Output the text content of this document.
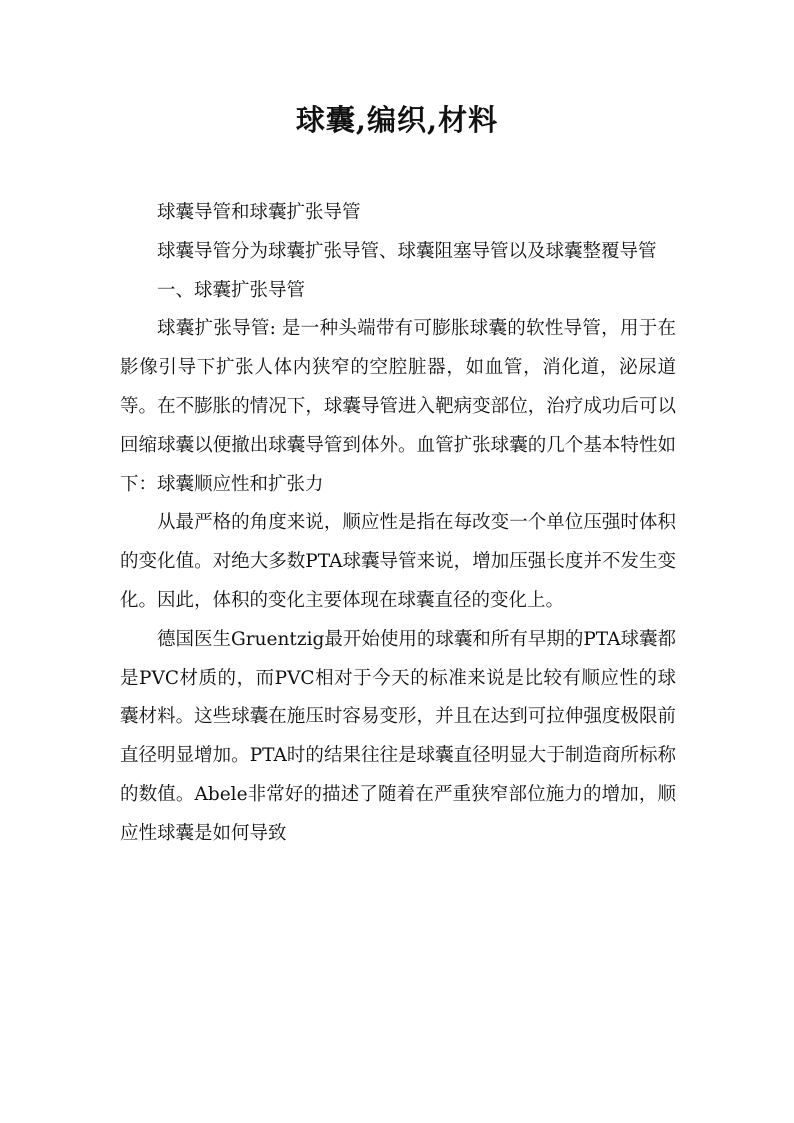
球囊,编织,材料

球囊导管和球囊扩张导管

球囊导管分为球囊扩张导管、球囊阻塞导管以及球囊整覆导管

一、球囊扩张导管

球囊扩张导管: 是一种头端带有可膨胀球囊的软性导管，用于在影像引导下扩张人体内狭窄的空腔脏器，如血管，消化道，泌尿道等。在不膨胀的情况下，球囊导管进入靶病变部位，治疗成功后可以回缩球囊以便撤出球囊导管到体外。血管扩张球囊的几个基本特性如下：球囊顺应性和扩张力

从最严格的角度来说，顺应性是指在每改变一个单位压强时体积的变化值。对绝大多数PTA球囊导管来说，增加压强长度并不发生变化。因此，体积的变化主要体现在球囊直径的变化上。

德国医生Gruentzig最开始使用的球囊和所有早期的PTA球囊都是PVC材质的，而PVC相对于今天的标准来说是比较有顺应性的球囊材料。这些球囊在施压时容易变形，并且在达到可拉伸强度极限前直径明显增加。PTA时的结果往往是球囊直径明显大于制造商所标称的数值。Abele非常好的描述了随着在严重狭窄部位施力的增加，顺应性球囊是如何导致
